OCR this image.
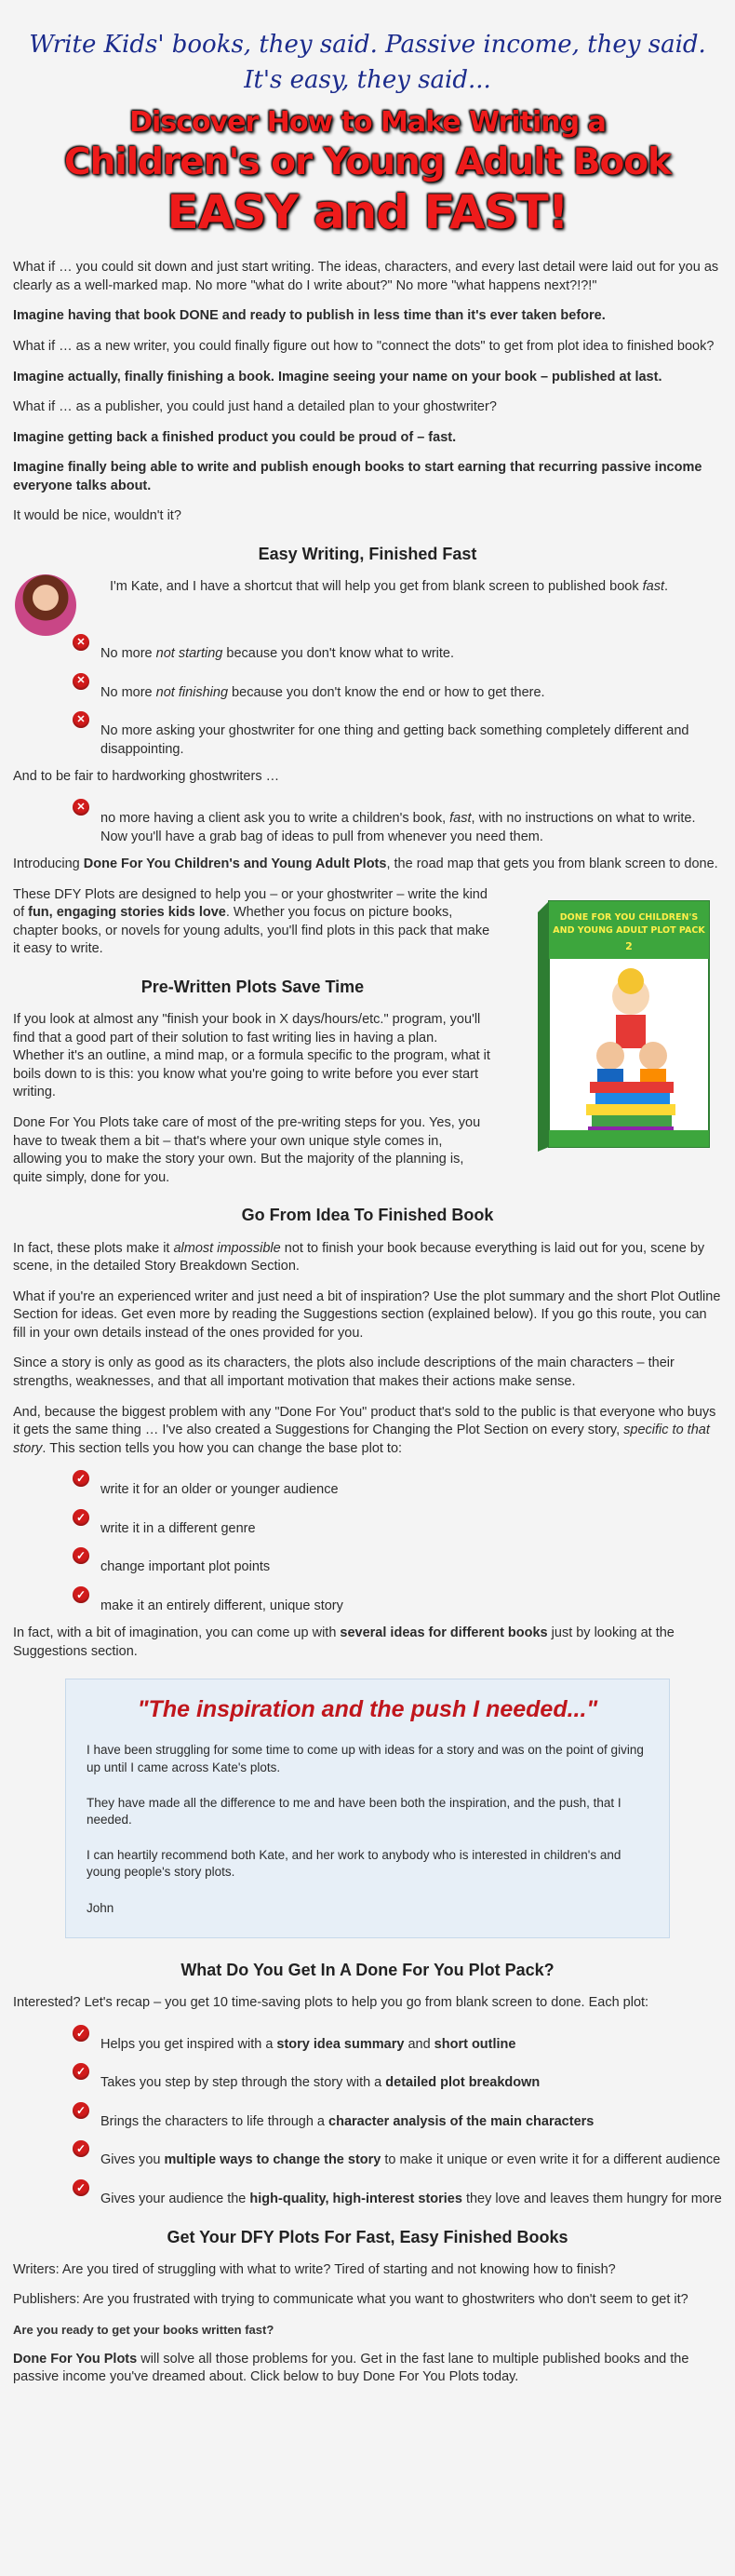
Write Kids' books, they said. Passive income, they said.
It's easy, they said...
Discover How to Make Writing a
Children's or Young Adult Book
EASY and FAST!

What if … you could sit down and just start writing. The ideas, characters, and every last detail were laid out for you as clearly as a well-marked map. No more "what do I write about?" No more "what happens next?!?!"

Imagine having that book DONE and ready to publish in less time than it's ever taken before.

What if … as a new writer, you could finally figure out how to "connect the dots" to get from plot idea to finished book?

Imagine actually, finally finishing a book. Imagine seeing your name on your book – published at last.

What if … as a publisher, you could just hand a detailed plan to your ghostwriter?

Imagine getting back a finished product you could be proud of – fast.

Imagine finally being able to write and publish enough books to start earning that recurring passive income everyone talks about.

It would be nice, wouldn't it?

Easy Writing, Finished Fast

I'm Kate, and I have a shortcut that will help you get from blank screen to published book fast.

✕
No more not starting because you don't know what to write.
✕
No more not finishing because you don't know the end or how to get there.
✕
No more asking your ghostwriter for one thing and getting back something completely different and disappointing.

And to be fair to hardworking ghostwriters …

✕
no more having a client ask you to write a children's book, fast, with no instructions on what to write. Now you'll have a grab bag of ideas to pull from whenever you need them.

Introducing Done For You Children's and Young Adult Plots, the road map that gets you from blank screen to done.

These DFY Plots are designed to help you – or your ghostwriter – write the kind of fun, engaging stories kids love. Whether you focus on picture books, chapter books, or novels for young adults, you'll find plots in this pack that make it easy to write.

Pre-Written Plots Save Time

If you look at almost any "finish your book in X days/hours/etc." program, you'll find that a good part of their solution to fast writing lies in having a plan. Whether it's an outline, a mind map, or a formula specific to the program, what it boils down to is this: you know what you're going to write before you ever start writing.

Done For You Plots take care of most of the pre-writing steps for you. Yes, you have to tweak them a bit – that's where your own unique style comes in, allowing you to make the story your own. But the majority of the planning is, quite simply, done for you.

DONE FOR YOU CHILDREN'S
AND YOUNG ADULT PLOT PACK
2
Go From Idea To Finished Book

In fact, these plots make it almost impossible not to finish your book because everything is laid out for you, scene by scene, in the detailed Story Breakdown Section.

What if you're an experienced writer and just need a bit of inspiration? Use the plot summary and the short Plot Outline Section for ideas. Get even more by reading the Suggestions section (explained below). If you go this route, you can fill in your own details instead of the ones provided for you.

Since a story is only as good as its characters, the plots also include descriptions of the main characters – their strengths, weaknesses, and that all important motivation that makes their actions make sense.

And, because the biggest problem with any "Done For You" product that's sold to the public is that everyone who buys it gets the same thing … I've also created a Suggestions for Changing the Plot Section on every story, specific to that story. This section tells you how you can change the base plot to:

✓
write it for an older or younger audience
✓
write it in a different genre
✓
change important plot points
✓
make it an entirely different, unique story

In fact, with a bit of imagination, you can come up with several ideas for different books just by looking at the Suggestions section.

"The inspiration and the push I needed..."

I have been struggling for some time to come up with ideas for a story and was on the point of giving up until I came across Kate's plots.

They have made all the difference to me and have been both the inspiration, and the push, that I needed.

I can heartily recommend both Kate, and her work to anybody who is interested in children's and young people's story plots.

John

What Do You Get In A Done For You Plot Pack?

Interested? Let's recap – you get 10 time-saving plots to help you go from blank screen to done. Each plot:

✓
Helps you get inspired with a story idea summary and short outline
✓
Takes you step by step through the story with a detailed plot breakdown
✓
Brings the characters to life through a character analysis of the main characters
✓
Gives you multiple ways to change the story to make it unique or even write it for a different audience
✓
Gives your audience the high-quality, high-interest stories they love and leaves them hungry for more
Get Your DFY Plots For Fast, Easy Finished Books

Writers: Are you tired of struggling with what to write? Tired of starting and not knowing how to finish?

Publishers: Are you frustrated with trying to communicate what you want to ghostwriters who don't seem to get it?

Are you ready to get your books written fast?

Done For You Plots will solve all those problems for you. Get in the fast lane to multiple published books and the passive income you've dreamed about. Click below to buy Done For You Plots today.
